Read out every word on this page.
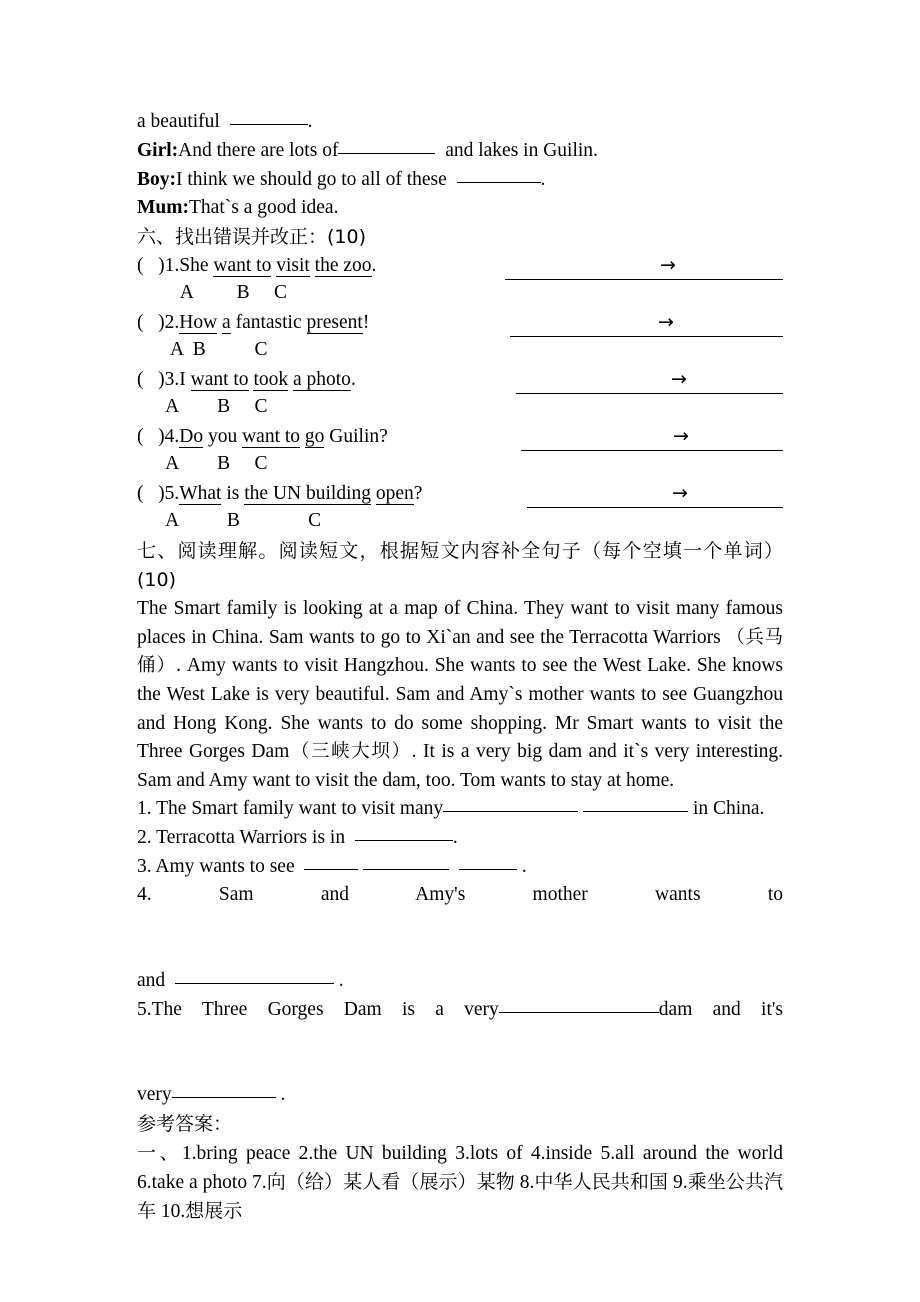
a beautiful	.
Girl:And there are lots of	and lakes in Guilin.
Boy:I think we should go to all of these	.
Mum:That`s a good idea.
六、找出错误并改正：(10)
(   )1.She want to visit the zoo.
A         B     C
→
(   )2.How a fantastic present!
A  B          C
→
(   )3.I want to took a photo.
A        B     C
→
(   )4.Do you want to go Guilin?
A        B     C
→
(   )5.What is the UN building open?
A          B              C
→
七、阅读理解。阅读短文，根据短文内容补全句子（每个空填一个单词）(10)
The Smart family is looking at a map of China. They want to visit many famous places in China. Sam wants to go to Xi`an and see the Terracotta Warriors （兵马俑）. Amy wants to visit Hangzhou. She wants to see the West Lake. She knows the West Lake is very beautiful. Sam and Amy`s mother wants to see Guangzhou and Hong Kong. She wants to do some shopping. Mr Smart wants to visit the Three Gorges Dam（三峡大坝）. It is a very big dam and it`s very interesting. Sam and Amy want to visit the dam, too. Tom wants to stay at home.
1. The Smart family want to visit many	in China.
2. Terracotta Warriors is in	.
3. Amy wants to see	.
4. Sam and Amy's mother wants to
and	.
5.The Three Gorges Dam is a very	dam and it's
very	.
参考答案：
一、1.bring peace 2.the UN building 3.lots of 4.inside 5.all around the world 6.take a photo 7.向（给）某人看（展示）某物 8.中华人民共和国 9.乘坐公共汽车 10.想展示
